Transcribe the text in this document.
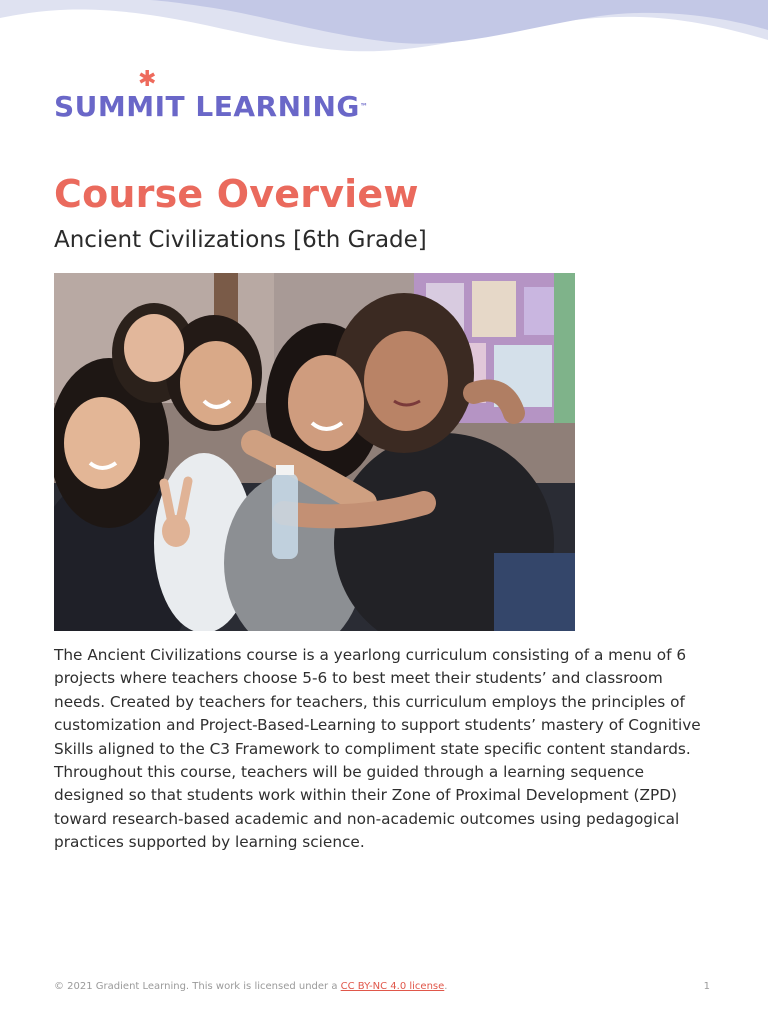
✱
SUMMIT LEARNING™
Course Overview
Ancient Civilizations [6th Grade]

The Ancient Civilizations course is a yearlong curriculum consisting of a menu of 6 projects where teachers choose 5-6 to best meet their students’ and classroom needs. Created by teachers for teachers, this curriculum employs the principles of customization and Project-Based-Learning to support students’ mastery of Cognitive Skills aligned to the C3 Framework to compliment state specific content standards. Throughout this course, teachers will be guided through a learning sequence designed so that students work within their Zone of Proximal Development (ZPD) toward research-based academic and non-academic outcomes using pedagogical practices supported by learning science.

© 2021 Gradient Learning. This work is licensed under a CC BY-NC 4.0 license.	1
